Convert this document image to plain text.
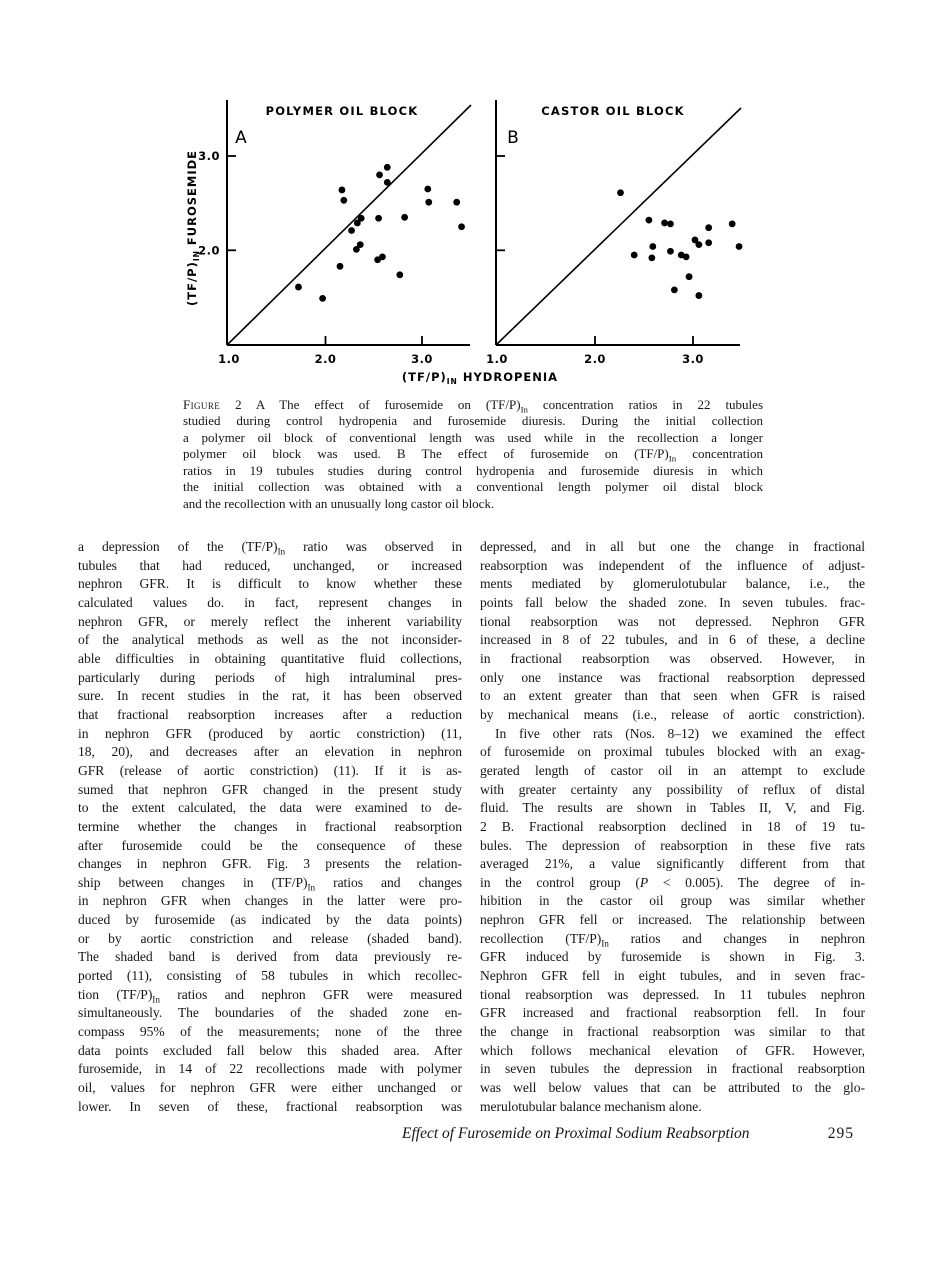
1.0	2.0	3.0
3.0
2.0
POLYMER OIL BLOCK
A
$(TF/P)_{IN}$ FUROSEMIDE
1.0	2.0	3.0
CASTOR OIL BLOCK
B
$(TF/P)_{IN}$ HYDROPENIA
Figure 2 A The effect of furosemide on $(TF/P)_{In}$ concentration ratios in 22 tubules
studied during control hydropenia and furosemide diuresis. During the initial collection
a polymer oil block of conventional length was used while in the recollection a longer
polymer oil block was used. B The effect of furosemide on $(TF/P)_{In}$ concentration
ratios in 19 tubules studies during control hydropenia and furosemide diuresis in which
the initial collection was obtained with a conventional length polymer oil distal block
and the recollection with an unusually long castor oil block.
a depression of the $(TF/P)_{In}$ ratio was observed in
tubules that had reduced, unchanged, or increased
nephron GFR. It is difficult to know whether these
calculated values do. in fact, represent changes in
nephron GFR, or merely reflect the inherent variability
of the analytical methods as well as the not inconsider-
able difficulties in obtaining quantitative fluid collections,
particularly during periods of high intraluminal pres-
sure. In recent studies in the rat, it has been observed
that fractional reabsorption increases after a reduction
in nephron GFR (produced by aortic constriction) (11,
18, 20), and decreases after an elevation in nephron
GFR (release of aortic constriction) (11). If it is as-
sumed that nephron GFR changed in the present study
to the extent calculated, the data were examined to de-
termine whether the changes in fractional reabsorption
after furosemide could be the consequence of these
changes in nephron GFR. Fig. 3 presents the relation-
ship between changes in $(TF/P)_{In}$ ratios and changes
in nephron GFR when changes in the latter were pro-
duced by furosemide (as indicated by the data points)
or by aortic constriction and release (shaded band).
The shaded band is derived from data previously re-
ported (11), consisting of 58 tubules in which recollec-
tion $(TF/P)_{In}$ ratios and nephron GFR were measured
simultaneously. The boundaries of the shaded zone en-
compass 95% of the measurements; none of the three
data points excluded fall below this shaded area. After
furosemide, in 14 of 22 recollections made with polymer
oil, values for nephron GFR were either unchanged or
lower. In seven of these, fractional reabsorption was
depressed, and in all but one the change in fractional
reabsorption was independent of the influence of adjust-
ments mediated by glomerulotubular balance, i.e., the
points fall below the shaded zone. In seven tubules. frac-
tional reabsorption was not depressed. Nephron GFR
increased in 8 of 22 tubules, and in 6 of these, a decline
in fractional reabsorption was observed. However, in
only one instance was fractional reabsorption depressed
to an extent greater than that seen when GFR is raised
by mechanical means (i.e., release of aortic constriction).
In five other rats (Nos. 8–12) we examined the effect
of furosemide on proximal tubules blocked with an exag-
gerated length of castor oil in an attempt to exclude
with greater certainty any possibility of reflux of distal
fluid. The results are shown in Tables II, V, and Fig.
2 B. Fractional reabsorption declined in 18 of 19 tu-
bules. The depression of reabsorption in these five rats
averaged 21%, a value significantly different from that
in the control group (P < 0.005). The degree of in-
hibition in the castor oil group was similar whether
nephron GFR fell or increased. The relationship between
recollection $(TF/P)_{In}$ ratios and changes in nephron
GFR induced by furosemide is shown in Fig. 3.
Nephron GFR fell in eight tubules, and in seven frac-
tional reabsorption was depressed. In 11 tubules nephron
GFR increased and fractional reabsorption fell. In four
the change in fractional reabsorption was similar to that
which follows mechanical elevation of GFR. However,
in seven tubules the depression in fractional reabsorption
was well below values that can be attributed to the glo-
merulotubular balance mechanism alone.
Effect of Furosemide on Proximal Sodium Reabsorption	295
